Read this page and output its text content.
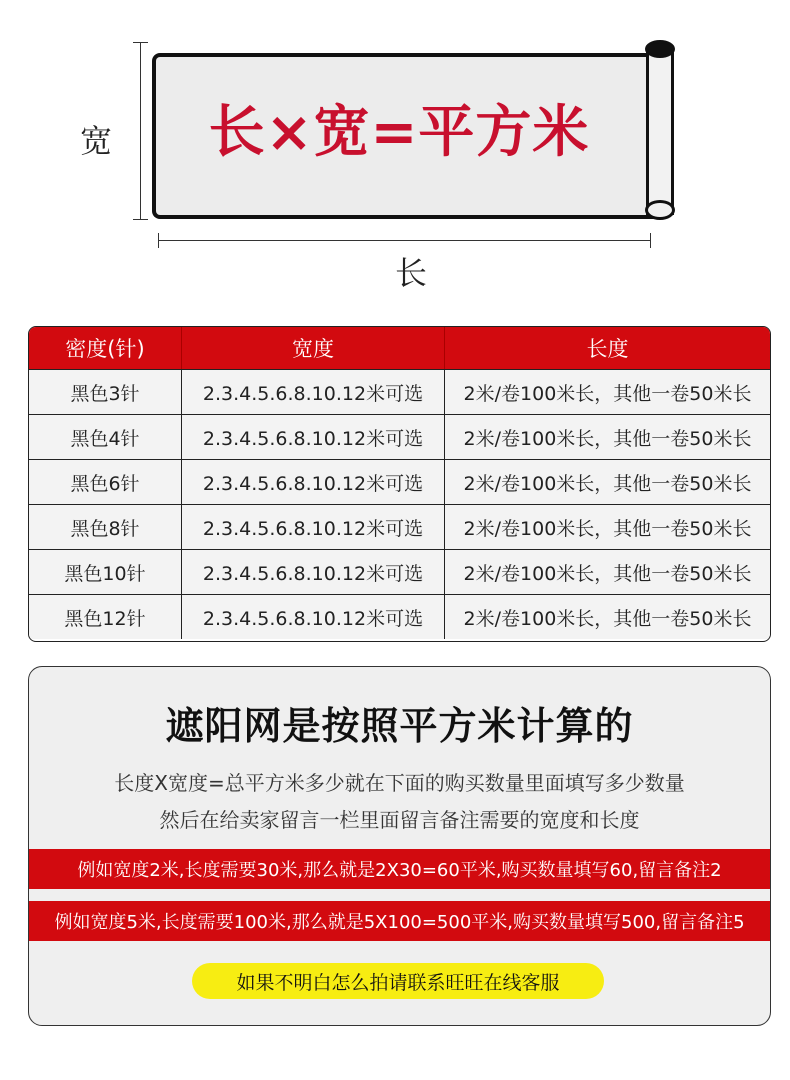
宽	长×宽=平方米
长
密度(针)	宽度	长度
黑色3针	2.3.4.5.6.8.10.12米可选	2米/卷100米长，其他一卷50米长
黑色4针	2.3.4.5.6.8.10.12米可选	2米/卷100米长，其他一卷50米长
黑色6针	2.3.4.5.6.8.10.12米可选	2米/卷100米长，其他一卷50米长
黑色8针	2.3.4.5.6.8.10.12米可选	2米/卷100米长，其他一卷50米长
黑色10针	2.3.4.5.6.8.10.12米可选	2米/卷100米长，其他一卷50米长
黑色12针	2.3.4.5.6.8.10.12米可选	2米/卷100米长，其他一卷50米长
遮阳网是按照平方米计算的
长度X宽度=总平方米多少就在下面的购买数量里面填写多少数量
然后在给卖家留言一栏里面留言备注需要的宽度和长度
例如宽度2米,长度需要30米,那么就是2X30=60平米,购买数量填写60,留言备注2
例如宽度5米,长度需要100米,那么就是5X100=500平米,购买数量填写500,留言备注5
如果不明白怎么拍请联系旺旺在线客服
